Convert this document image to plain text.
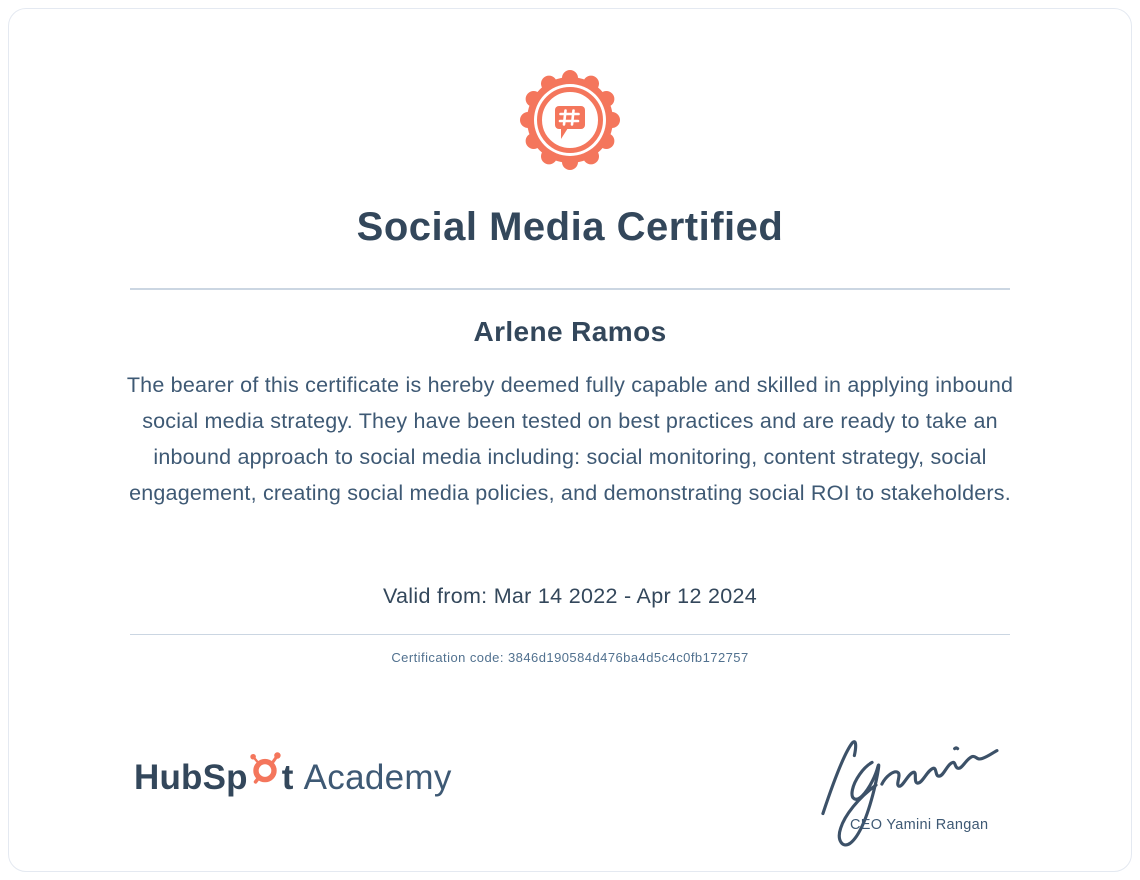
Social Media Certified
Arlene Ramos
The bearer of this certificate is hereby deemed fully capable and skilled in applying inbound social media strategy. They have been tested on best practices and are ready to take an inbound approach to social media including: social monitoring, content strategy, social engagement, creating social media policies, and demonstrating social ROI to stakeholders.
Valid from: Mar 14 2022 - Apr 12 2024
Certification code: 3846d190584d476ba4d5c4c0fb172757
HubSp t Academy
CEO Yamini Rangan
